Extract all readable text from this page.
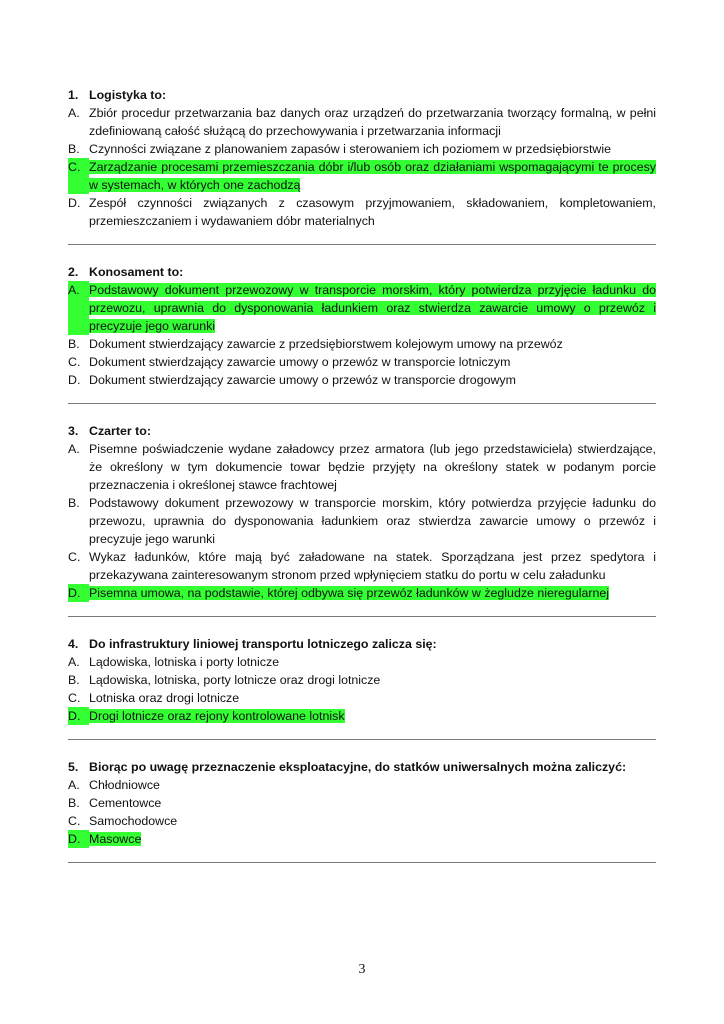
1. Logistyka to:
A. Zbiór procedur przetwarzania baz danych oraz urządzeń do przetwarzania tworzący formalną, w pełni zdefiniowaną całość służącą do przechowywania i przetwarzania informacji
B. Czynności związane z planowaniem zapasów i sterowaniem ich poziomem w przedsiębiorstwie
C. Zarządzanie procesami przemieszczania dóbr i/lub osób oraz działaniami wspomagającymi te procesy w systemach, w których one zachodzą
D. Zespół czynności związanych z czasowym przyjmowaniem, składowaniem, kompletowaniem, przemieszczaniem i wydawaniem dóbr materialnych
2. Konosament to:
A. Podstawowy dokument przewozowy w transporcie morskim, który potwierdza przyjęcie ładunku do przewozu, uprawnia do dysponowania ładunkiem oraz stwierdza zawarcie umowy o przewóz i precyzuje jego warunki
B. Dokument stwierdzający zawarcie z przedsiębiorstwem kolejowym umowy na przewóz
C. Dokument stwierdzający zawarcie umowy o przewóz w transporcie lotniczym
D. Dokument stwierdzający zawarcie umowy o przewóz w transporcie drogowym
3. Czarter to:
A. Pisemne poświadczenie wydane załadowcy przez armatora (lub jego przedstawiciela) stwierdzające, że określony w tym dokumencie towar będzie przyjęty na określony statek w podanym porcie przeznaczenia i określonej stawce frachtowej
B. Podstawowy dokument przewozowy w transporcie morskim, który potwierdza przyjęcie ładunku do przewozu, uprawnia do dysponowania ładunkiem oraz stwierdza zawarcie umowy o przewóz i precyzuje jego warunki
C. Wykaz ładunków, które mają być załadowane na statek. Sporządzana jest przez spedytora i przekazywana zainteresowanym stronom przed wpłynięciem statku do portu w celu załadunku
D. Pisemna umowa, na podstawie, której odbywa się przewóz ładunków w żegludze nieregularnej
4. Do infrastruktury liniowej transportu lotniczego zalicza się:
A. Lądowiska, lotniska i porty lotnicze
B. Lądowiska, lotniska, porty lotnicze oraz drogi lotnicze
C. Lotniska oraz drogi lotnicze
D. Drogi lotnicze oraz rejony kontrolowane lotnisk
5. Biorąc po uwagę przeznaczenie eksploatacyjne, do statków uniwersalnych można zaliczyć:
A. Chłodniowce
B. Cementowce
C. Samochodowce
D. Masowce
3
